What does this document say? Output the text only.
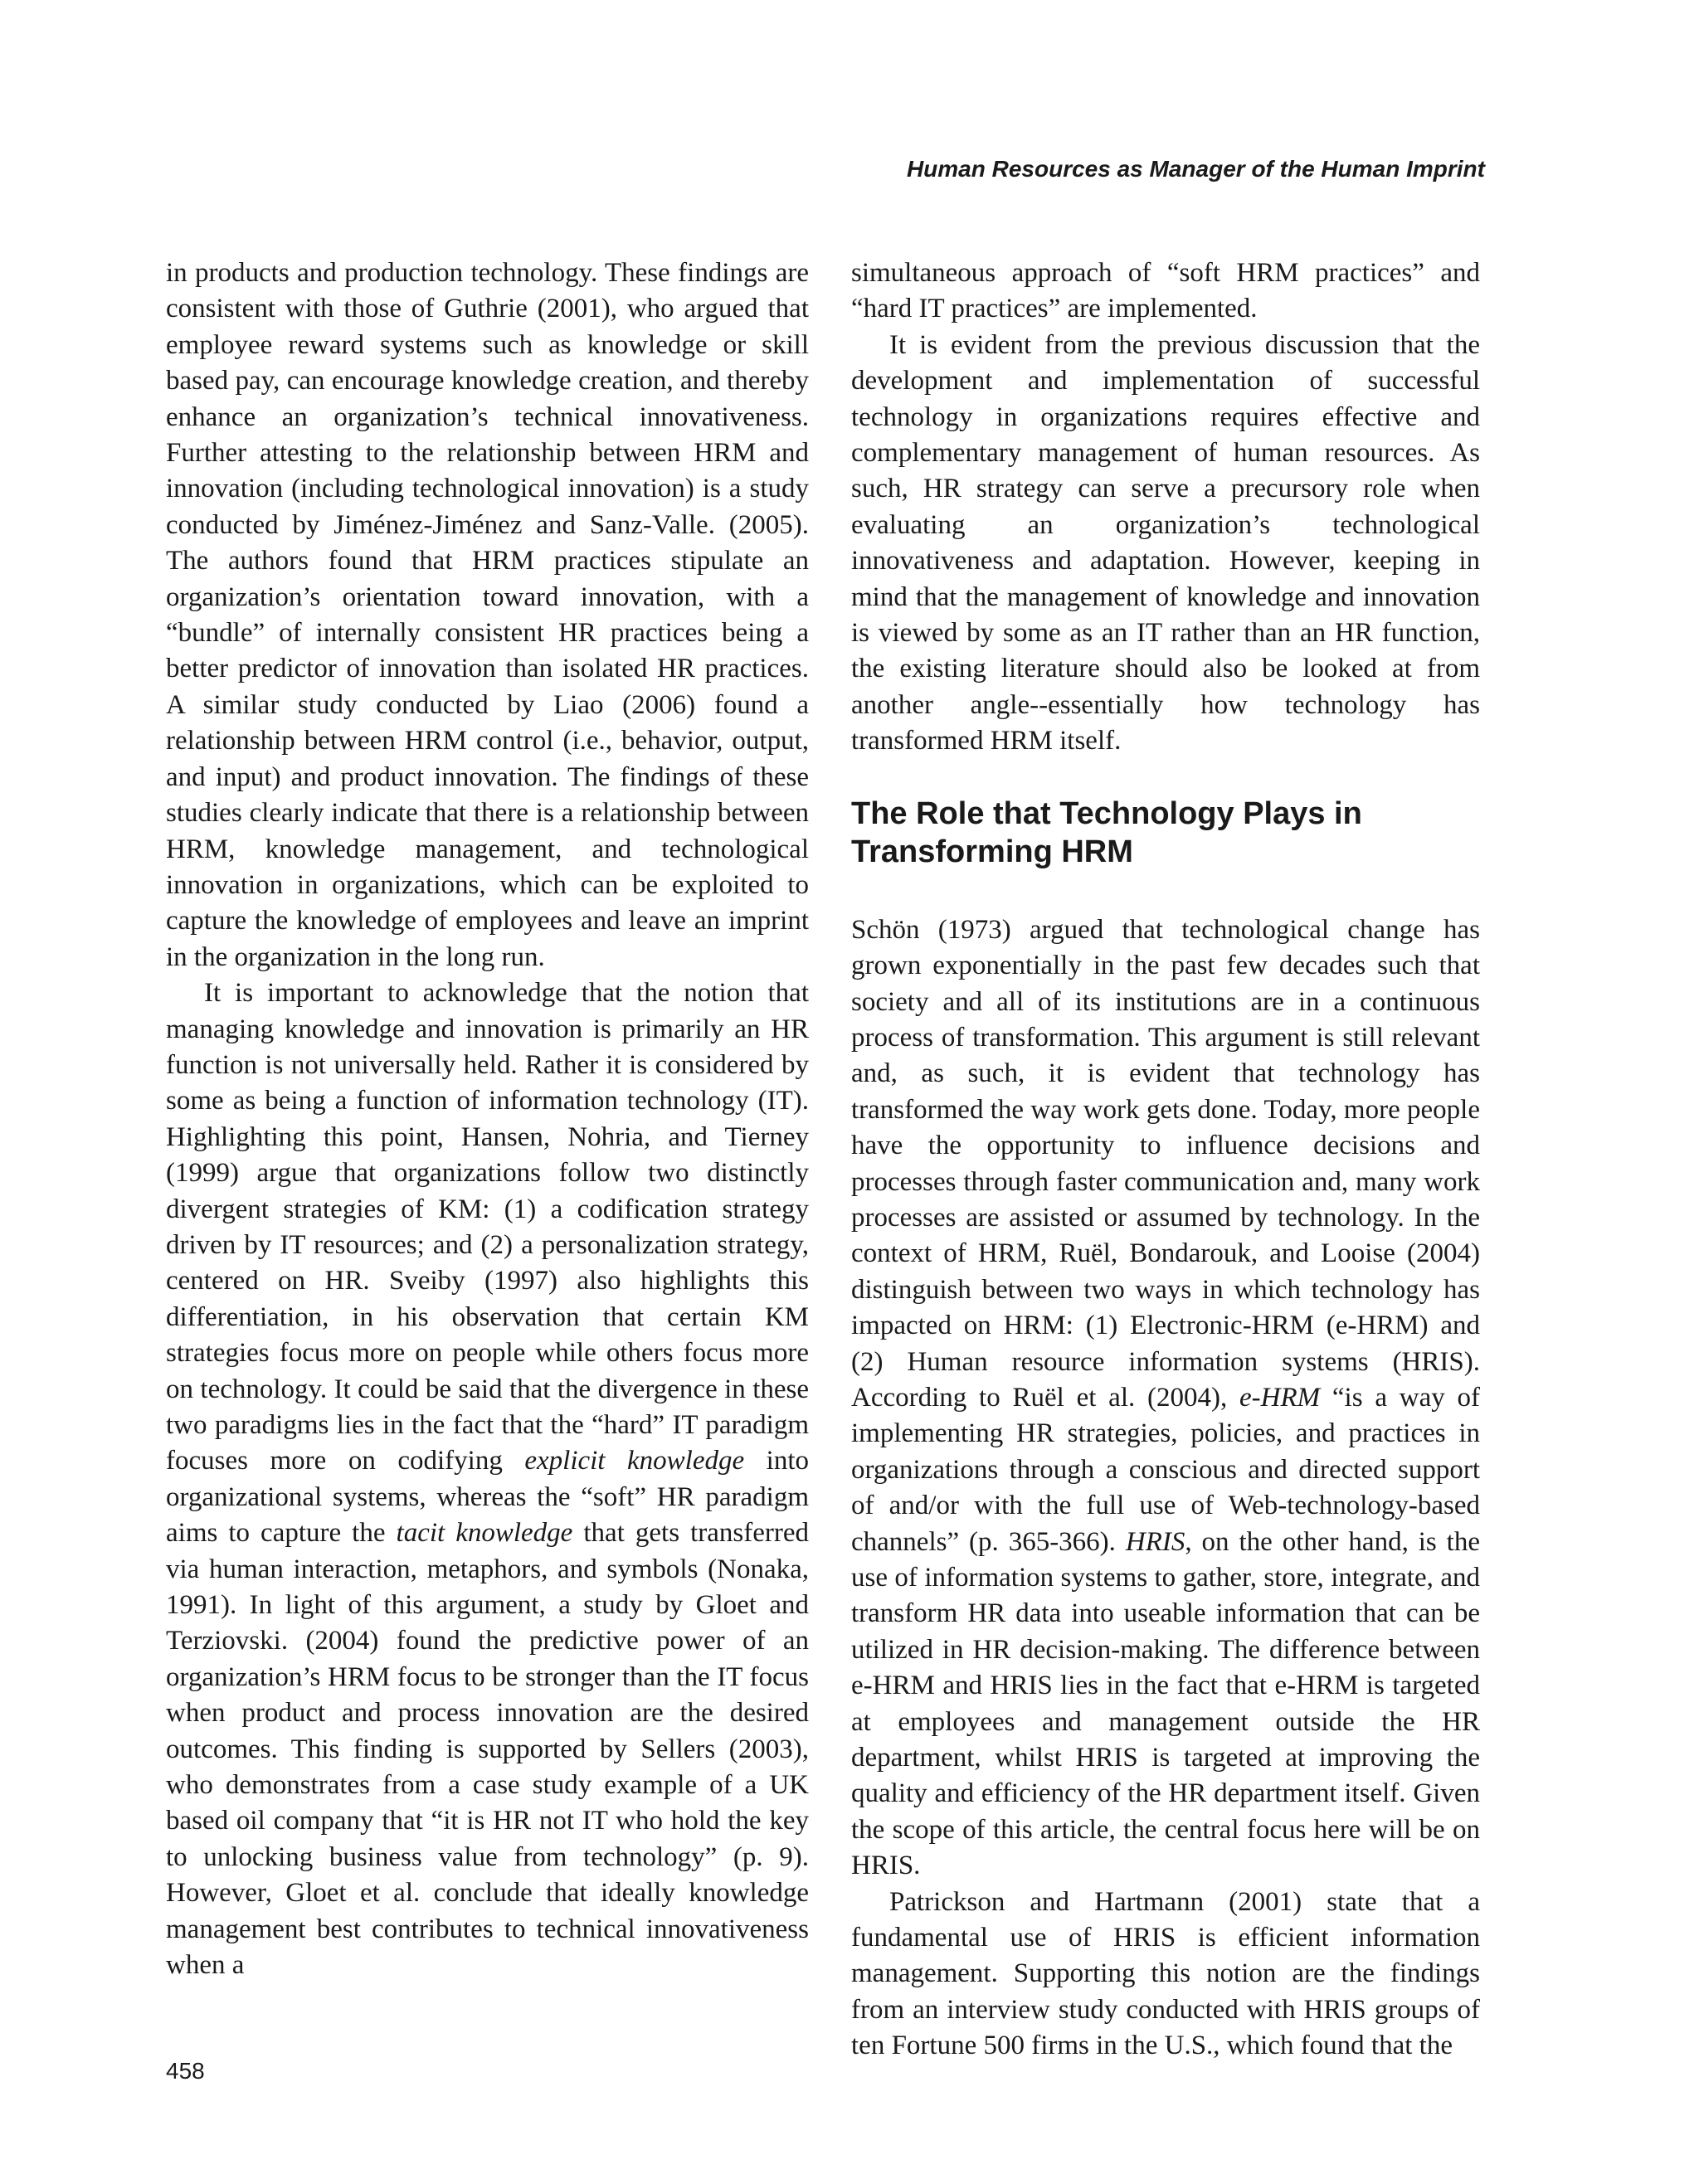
Human Resources as Manager of the Human Imprint

in products and production technology. These findings are consistent with those of Guthrie (2001), who argued that employee reward systems such as knowledge or skill based pay, can encourage knowledge creation, and thereby enhance an organization’s technical innovativeness. Further attesting to the relationship between HRM and innovation (including technological innovation) is a study conducted by Jiménez-Jiménez and Sanz-Valle. (2005). The authors found that HRM practices stipulate an organization’s orientation toward innovation, with a “bundle” of internally consistent HR practices being a better predictor of innovation than isolated HR practices. A similar study conducted by Liao (2006) found a relationship between HRM control (i.e., behavior, output, and input) and product innovation. The findings of these studies clearly indicate that there is a relationship between HRM, knowledge management, and technological innovation in organizations, which can be exploited to capture the knowledge of employees and leave an imprint in the organization in the long run.

It is important to acknowledge that the notion that managing knowledge and innovation is primarily an HR function is not universally held. Rather it is considered by some as being a function of information technology (IT). Highlighting this point, Hansen, Nohria, and Tierney (1999) argue that organizations follow two distinctly divergent strategies of KM: (1) a codification strategy driven by IT resources; and (2) a personalization strategy, centered on HR. Sveiby (1997) also highlights this differentiation, in his observation that certain KM strategies focus more on people while others focus more on technology. It could be said that the divergence in these two paradigms lies in the fact that the “hard” IT paradigm focuses more on codifying explicit knowledge into organizational systems, whereas the “soft” HR paradigm aims to capture the tacit knowledge that gets transferred via human interaction, metaphors, and symbols (Nonaka, 1991). In light of this argument, a study by Gloet and Terziovski. (2004) found the predictive power of an organization’s HRM focus to be stronger than the IT focus when product and process innovation are the desired outcomes. This finding is supported by Sellers (2003), who demonstrates from a case study example of a UK based oil company that “it is HR not IT who hold the key to unlocking business value from technology” (p. 9). However, Gloet et al. conclude that ideally knowledge management best contributes to technical innovativeness when a

simultaneous approach of “soft HRM practices” and “hard IT practices” are implemented.

It is evident from the previous discussion that the development and implementation of successful technology in organizations requires effective and complementary management of human resources. As such, HR strategy can serve a precursory role when evaluating an organization’s technological innovativeness and adaptation. However, keeping in mind that the management of knowledge and innovation is viewed by some as an IT rather than an HR function, the existing literature should also be looked at from another angle--essentially how technology has transformed HRM itself.

The Role that Technology Plays in Transforming HRM

Schön (1973) argued that technological change has grown exponentially in the past few decades such that society and all of its institutions are in a continuous process of transformation. This argument is still relevant and, as such, it is evident that technology has transformed the way work gets done. Today, more people have the opportunity to influence decisions and processes through faster communication and, many work processes are assisted or assumed by technology. In the context of HRM, Ruël, Bondarouk, and Looise (2004) distinguish between two ways in which technology has impacted on HRM: (1) Electronic-HRM (e-HRM) and (2) Human resource information systems (HRIS). According to Ruël et al. (2004), e-HRM “is a way of implementing HR strategies, policies, and practices in organizations through a conscious and directed support of and/or with the full use of Web-technology-based channels” (p. 365-366). HRIS, on the other hand, is the use of information systems to gather, store, integrate, and transform HR data into useable information that can be utilized in HR decision-making. The difference between e-HRM and HRIS lies in the fact that e-HRM is targeted at employees and management outside the HR department, whilst HRIS is targeted at improving the quality and efficiency of the HR department itself. Given the scope of this article, the central focus here will be on HRIS.

Patrickson and Hartmann (2001) state that a fundamental use of HRIS is efficient information management. Supporting this notion are the findings from an interview study conducted with HRIS groups of ten Fortune 500 firms in the U.S., which found that the

458
